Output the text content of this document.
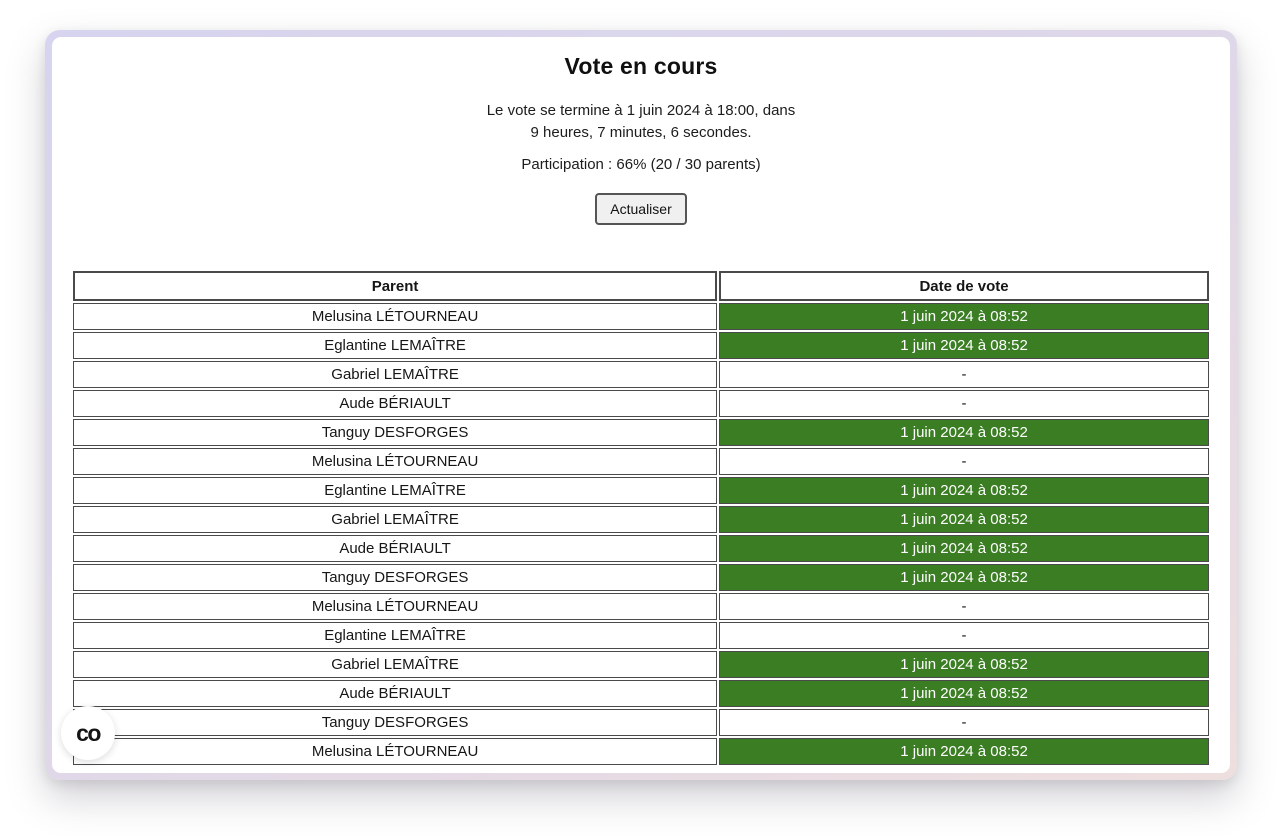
Vote en cours

Le vote se termine à 1 juin 2024 à 18:00, dans
9 heures, 7 minutes, 6 secondes.

Participation : 66% (20 / 30 parents)

Actualiser
Parent	Date de vote
Melusina LÉTOURNEAU	1 juin 2024 à 08:52
Eglantine LEMAÎTRE	1 juin 2024 à 08:52
Gabriel LEMAÎTRE	-
Aude BÉRIAULT	-
Tanguy DESFORGES	1 juin 2024 à 08:52
Melusina LÉTOURNEAU	-
Eglantine LEMAÎTRE	1 juin 2024 à 08:52
Gabriel LEMAÎTRE	1 juin 2024 à 08:52
Aude BÉRIAULT	1 juin 2024 à 08:52
Tanguy DESFORGES	1 juin 2024 à 08:52
Melusina LÉTOURNEAU	-
Eglantine LEMAÎTRE	-
Gabriel LEMAÎTRE	1 juin 2024 à 08:52
Aude BÉRIAULT	1 juin 2024 à 08:52
Tanguy DESFORGES	-
Melusina LÉTOURNEAU	1 juin 2024 à 08:52
co
